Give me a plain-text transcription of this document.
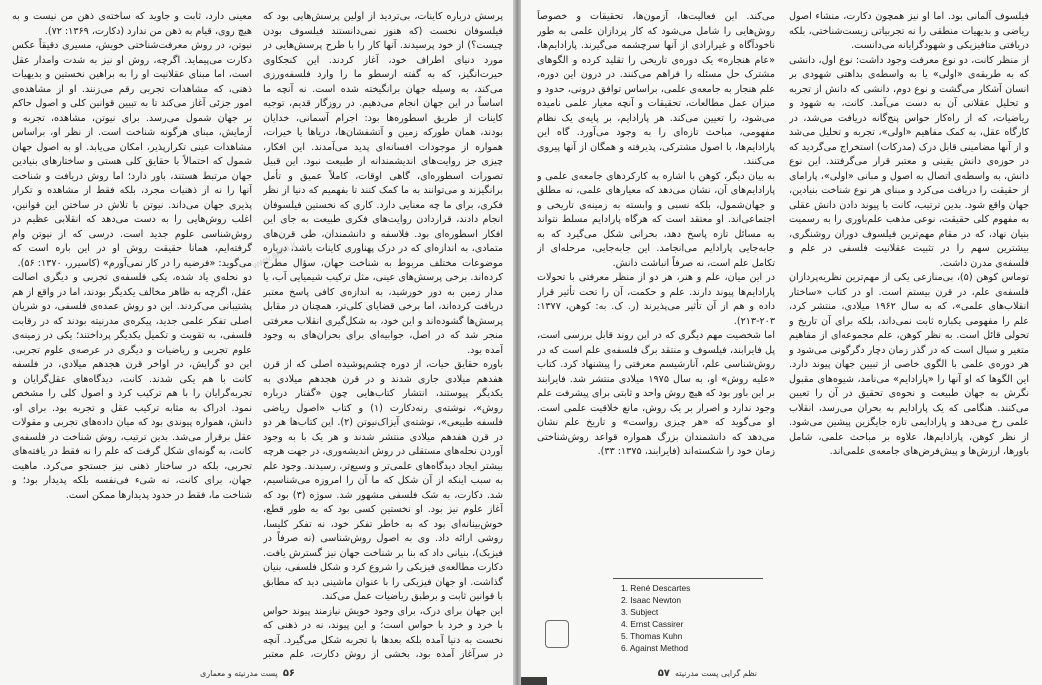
پرسش درباره کاینات، بی‌تردید از اولین پرسش‌هایی بود که فیلسوفان نخست (که هنوز نمی‌دانستند فیلسوف بودن چیست؟) از خود پرسیدند. آنها کار را با طرح پرسش‌هایی در مورد دنیای اطراف خود، آغاز کردند. این کنجکاوی حیرت‌انگیز، که به گفته ارسطو ما را وارد فلسفه‌ورزی می‌کند، به وسیله جهان برانگیخته شده است. نه آنچه ما اساساً در این جهان انجام می‌دهیم. در روزگار قدیم، توجیه کاینات از طریق اسطوره‌ها بود: اجرام آسمانی، خدایان بودند، همان طورکه زمین و آتشفشان‌ها، دریاها یا خیرات، همواره از موجودات افسانه‌ای پدید می‌آمدند. این افکار، چیزی جز روایت‌های اندیشمندانه از طبیعت نبود. این قبیل تصورات اسطوره‌ای، گاهی اوقات، کاملاً عمیق و تأمل برانگیزند و می‌توانند به ما کمک کنند تا بفهمیم که دنیا از نظر فکری، برای ما چه معنایی دارد. کاری که نخستین فیلسوفان انجام دادند، قراردادن روایت‌های فکری طبیعت به جای این افکار اسطوره‌ای بود. فلاسفه و دانشمندان، طی قرن‌های متمادی، به اندازه‌ای که در درک پهناوری کاینات باشد، درباره موضوعات مختلف مربوط به شناخت جهان، سؤال مطرح کرده‌اند. برخی پرسش‌های عینی، مثل ترکیب شیمیایی آب، یا مدار زمین به دور خورشید، به اندازه‌ی کافی پاسخ معتبر دریافت کرده‌اند، اما برخی قضایای کلی‌تر، همچنان در مقابل پرسش‌ها گشوده‌اند و این خود، به شکل‌گیری انقلاب معرفتی منجر شد که در اصل، جوابیه‌ای برای بحران‌های به وجود آمده بود.
باوره حقایق حیات، از دوره چشم‌پوشیده اصلی که از قرن هفدهم میلادی جاری شدند و در قرن هجدهم میلادی به یکدیگر پیوستند، انتشار کتاب‌هایی چون «گفتار درباره روش»، نوشته‌ی رنه‌دکارت (۱) و کتاب «اصول ریاضی فلسفه طبیعی»، نوشته‌ی آیزاک‌نیوتن (۲). این کتاب‌ها هر دو در قرن هفدهم میلادی منتشر شدند و هر یک با به وجود آوردن نحله‌های مستقلی در روش اندیشه‌وری، در جهت هرچه بیشتر ایجاد دیدگاه‌های علمی‌تر و وسیع‌تر، رسیدند. وجود علم به سبب اینکه از آن شکل که ما آن را امروزه می‌شناسیم، شد. دکارت، به شک فلسفی مشهور شد. سوژه (۳) بود که آغاز علوم نیز بود. او نخستین کسی بود که به طور قطع، خوش‌بینانه‌ای بود که به خاطر تفکر خود، نه تفکر کلیسا، روشی ارائه داد. وی به اصول روش‌شناسی (نه صرفاً در فیزیک)، بنیانی داد که بنا بر شناخت جهان نیز گسترش یافت. دکارت مطالعه‌ی فیزیکی را شروع کرد و شکل فلسفی، بنیان گذاشت. او جهان فیزیکی را با عنوان ماشینی دید که مطابق با قوانین ثابت و برطبق ریاضیات عمل می‌کند.
این جهان برای درک، برای وجود خویش نیازمند پیوند حواس با خرد و خرد با حواس است؛ و این پیوند، نه در ذهنی که نخست به دنیا آمده بلکه بعدها با تجربه شکل می‌گیرد. آنچه در سرآغاز آمده بود، بخشی از روش دکارت، علم معتبر

معینی دارد، ثابت و جاوید که ساخته‌ی ذهن من نیست و به هیچ روی، قیام به ذهن من ندارد (دکارت، ۱۳۶۹: ۷۲).
نیوتن، در روش معرفت‌شناختی خویش، مسیری دقیقاً عکس دکارت می‌پیماید. اگرچه، روش او نیز به شدت وامدار عقل است، اما مبنای عقلانیت او را به براهین نخستین و بدیهیات ذهنی، که مشاهدات تجربی رقم می‌زنند. او از مشاهده‌ی امور جزئی آغاز می‌کند تا به تبیین قوانین کلی و اصول حاکم بر جهان شمول می‌رسد. برای نیوتن، مشاهده، تجربه و آزمایش، مبنای هرگونه شناخت است. از نظر او، براساس مشاهدات عینی تکرارپذیر، امکان می‌یابد. او به اصول جهان شمول که احتمالاً با حقایق کلی هستی و ساختارهای بنیادین جهان مرتبط هستند، باور دارد؛ اما روش دریافت و شناخت آنها را نه از ذهنیات مجرد، بلکه فقط از مشاهده و تکرار پذیری جهان می‌داند. نیوتن با تلاش در ساختن این قوانین، اغلب روش‌هایی را به دست می‌دهد که انقلابی عظیم در روش‌شناسی علوم جدید است. درسی که از نیوتن وام گرفته‌ایم، همانا حقیقت روش او در این باره است که می‌گوید: «فرضیه را در کار نمی‌آورم» (کاسیرر، ۱۳۷۰: ۵۶).
دو نحله‌ی یاد شده، یکی فلسفه‌ی تجربی و دیگری اصالت عقل، اگرچه به ظاهر مخالف یکدیگر بودند، اما در واقع از هم پشتیبانی می‌کردند. این دو روش عمده‌ی فلسفی، دو شریان اصلی تفکر علمی جدید، پیکره‌ی مدرنیته بودند که در رقابت فلسفی، به تقویت و تکمیل یکدیگر پرداختند؛ یکی در زمینه‌ی علوم تجربی و ریاضیات و دیگری در عرصه‌ی علوم تجربی. این دو گرایش، در اواخر قرن هجدهم میلادی، در فلسفه کانت با هم یکی شدند. کانت، دیدگاه‌های عقل‌گرایان و تجربه‌گرایان را با هم ترکیب کرد و اصول کلی را مشخص نمود. ادراک به مثابه ترکیب عقل و تجربه بود. برای او، دانش، همواره پیوندی بود که میان داده‌های تجربی و مقولات عقل برقرار می‌شد. بدین ترتیب، روش شناخت در فلسفه‌ی کانت، به گونه‌ای شکل گرفت که علم را نه فقط در یافته‌های تجربی، بلکه در ساختار ذهنی نیز جستجو می‌کرد. ماهیت جهان، برای کانت، نه شیء فی‌نفسه بلکه پدیدار بود؛ و شناخت ما، فقط در حدود پدیدارها ممکن است.

www.archi.ir
۵۶  پست مدرنیته و معماری

فیلسوف آلمانی بود. اما او نیز همچون دکارت، منشاء اصول ریاضی و بدیهیات منطقی را نه تجربیاتی زیست‌شناختی، بلکه دریافتی متافیزیکی و شهودگرایانه می‌دانست.
از منظر کانت، دو نوع معرفت وجود داشت: نوع اول، دانشی که به طریقه‌ی «اولی» یا به واسطه‌ی بداهتی شهودی بر انسان آشکار می‌گشت و نوع دوم، دانشی که دانش از تجربه و تحلیل عقلانی آن به دست می‌آمد. کانت، به شهود و ریاضیات، که از راه‌کار حواس پنج‌گانه دریافت می‌شد، در کارگاه عقل، به کمک مفاهیم «اولی»، تجربه و تحلیل می‌شد و از آنها مضامینی قابل درک (مدرکات) استخراج می‌گردید که در حوزه‌ی دانش یقینی و معتبر قرار می‌گرفتند. این نوع دانش، به واسطه‌ی اتصال به اصول و مبانی «اولی»، پارامای از حقیقت را دریافت می‌کرد و مبنای هر نوع شناخت بنیادین، جهان واقع شود. بدین ترتیب، کانت با پیوند دادن دانش عقلی به مفهوم کلی حقیقت، نوعی مذهب علم‌باوری را به رسمیت بنیان نهاد، که در مقام مهم‌ترین فیلسوف دوران روشنگری، بیشترین سهم را در تثبیت عقلانیت فلسفی در علم و فلسفه‌ی مدرن داشت.
توماس کوهن (۵)، بی‌منازعی یکی از مهم‌ترین نظریه‌پردازان فلسفه‌ی علم، در قرن بیستم است. او در کتاب «ساختار انقلاب‌های علمی»، که به سال ۱۹۶۲ میلادی، منتشر کرد، علم را مفهومی یکباره ثابت نمی‌داند، بلکه برای آن تاریخ و تحولی قائل است. به نظر کوهن، علم مجموعه‌ای از مفاهیم متغیر و سیال است که در گذر زمان دچار دگرگونی می‌شود و هر دوره‌ی علمی با الگوی خاصی از تبیین جهان پیوند دارد. این الگوها که او آنها را «پارادایم» می‌نامد، شیوه‌های مقبول نگرش به جهان طبیعت و نحوه‌ی تحقیق در آن را تعیین می‌کنند. هنگامی که یک پارادایم به بحران می‌رسد، انقلاب علمی رخ می‌دهد و پارادایمی تازه جایگزین پیشین می‌شود. از نظر کوهن، پارادایم‌ها، علاوه بر مباحث علمی، شامل باورها، ارزش‌ها و پیش‌فرض‌های جامعه‌ی علمی‌اند.

می‌کند. این فعالیت‌ها، آزمون‌ها، تحقیقات و خصوصاً روش‌هایی را شامل می‌شود که کار پردازان علمی به طور ناخودآگاه و غیرارادی از آنها سرچشمه می‌گیرند. پارادایم‌ها، «عام هنجاره» یک دوره‌ی تاریخی را تقلید کرده و الگوهای مشترک حل مسئله را فراهم می‌کنند. در درون این دوره، علم هنجار به جامعه‌ی علمی، براساس توافق درونی، حدود و میزان عمل مطالعات، تحقیقات و آنچه معیار علمی نامیده می‌شود، را تعیین می‌کند. هر پارادایم، بر پایه‌ی یک نظام مفهومی، مباحث تازه‌ای را به وجود می‌آورد. گاه این پارادایم‌ها، با اصول مشترکی، پذیرفته و همگان از آنها پیروی می‌کنند.
به بیان دیگر، کوهن با اشاره به کارکردهای جامعه‌ی علمی و پارادایم‌های آن، نشان می‌دهد که معیارهای علمی، نه مطلق و جهان‌شمول، بلکه نسبی و وابسته به زمینه‌ی تاریخی و اجتماعی‌اند. او معتقد است که هرگاه پارادایم مسلط نتواند به مسائل تازه پاسخ دهد، بحرانی شکل می‌گیرد که به جابه‌جایی پارادایم می‌انجامد. این جابه‌جایی، مرحله‌ای از تکامل علم است، نه صرفاً انباشت دانش.
در این میان، علم و هنر، هر دو از منظر معرفتی با تحولات پارادایم‌ها پیوند دارند. علم و حکمت، آن را تحت تأثیر قرار داده و هم از آن تأثیر می‌پذیرند (ر. ک. به: کوهن، ۱۳۷۷: ۲۰۳-۲۱۳).
اما شخصیت مهم دیگری که در این روند قابل بررسی است، پل فایرابند، فیلسوف و منتقد برگ فلسفه‌ی علم است که در روش‌شناسی علم، آنارشیسم معرفتی را پیشنهاد کرد. کتاب «علیه روش» او، به سال ۱۹۷۵ میلادی منتشر شد. فایرابند بر این باور بود که هیچ روش واحد و ثابتی برای پیشرفت علم وجود ندارد و اصرار بر یک روش، مانع خلاقیت علمی است. او می‌گوید که «هر چیزی رواست» و تاریخ علم نشان می‌دهد که دانشمندان بزرگ همواره قواعد روش‌شناختی زمان خود را شکسته‌اند (فایرابند، ۱۳۷۵: ۳۳).

1. René Descartes
2. Isaac Newton
3. Subject
4. Ernst Cassirer
5. Thomas Kuhn
6. Against Method
نظم گرایی پست مدرنیته  ۵۷
